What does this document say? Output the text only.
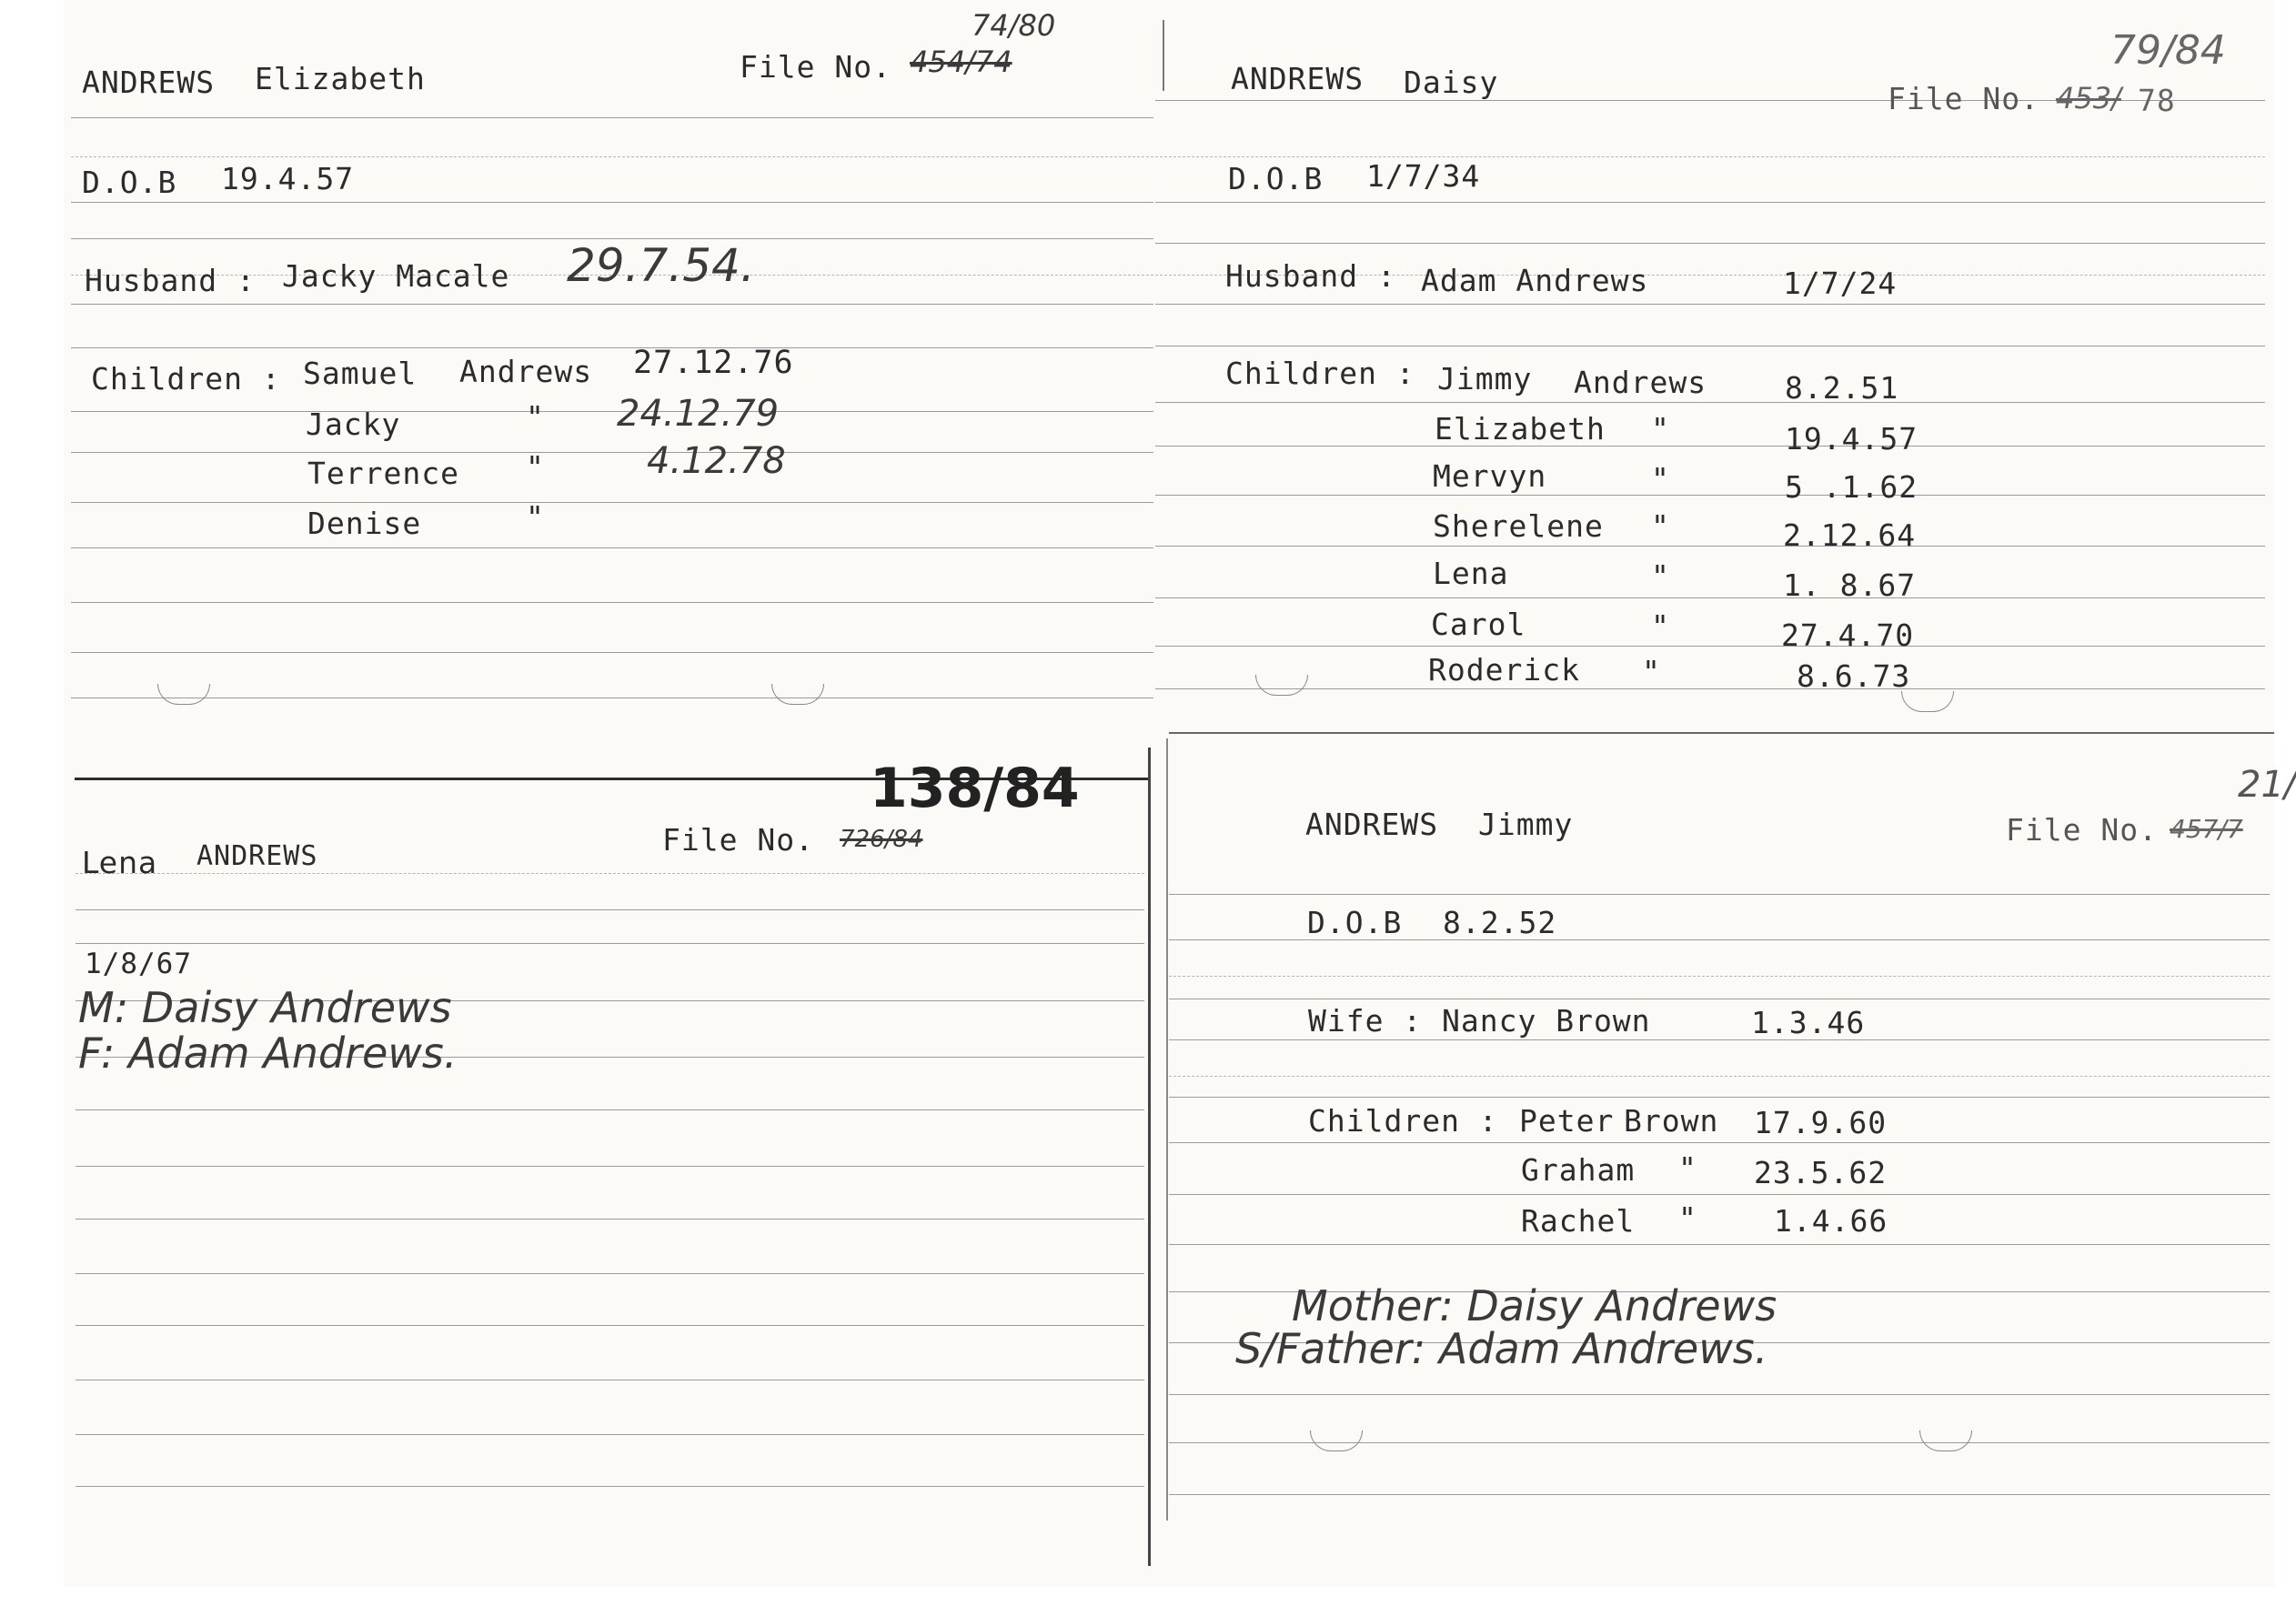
ANDREWS Elizabeth	File No. 454/74
74/80
D.O.B 19.4.57
Husband : Jacky Macale 29.7.54.
Children : Samuel Andrews 27.12.76
Jacky	" 24.12.79
Terrence "	4.12.78
Denise	"
ANDREWS Daisy
79/84
File No. 453/ 78
D.O.B 1/7/34
Husband : Adam Andrews	1/7/24
Children : Jimmy Andrews	8.2.51
Elizabeth "	19.4.57
Mervyn	"	5 .1.62
Sherelene "	2.12.64
Lena	"	1. 8.67
Carol	"	27.4.70
Roderick "	8.6.73
Lena ANDREWS	File No. 726/84
138/84
1/8/67
M: Daisy Andrews
F: Adam Andrews.
ANDREWS Jimmy	File No. 457/7
21/
D.O.B 8.2.52
Wife : Nancy Brown	1.3.46
Children : Peter Brown 17.9.60
Graham " 23.5.62
Rachel "	1.4.66
Mother: Daisy Andrews
S/Father: Adam Andrews.
